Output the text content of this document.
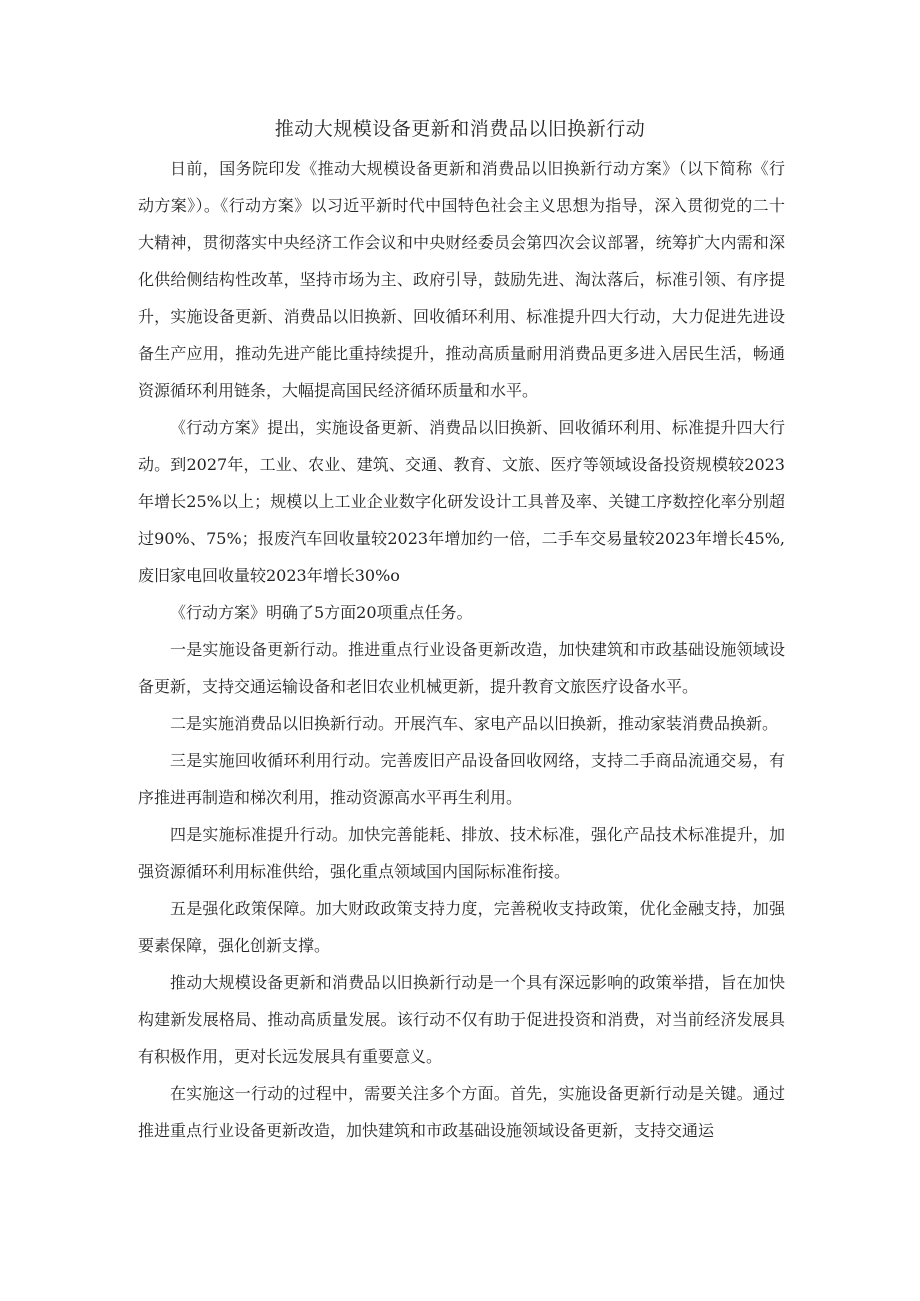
推动大规模设备更新和消费品以旧换新行动

日前，国务院印发《推动大规模设备更新和消费品以旧换新行动方案》（以下简称《行动方案》）。《行动方案》以习近平新时代中国特色社会主义思想为指导，深入贯彻党的二十大精神，贯彻落实中央经济工作会议和中央财经委员会第四次会议部署，统筹扩大内需和深化供给侧结构性改革，坚持市场为主、政府引导，鼓励先进、淘汰落后，标准引领、有序提升，实施设备更新、消费品以旧换新、回收循环利用、标准提升四大行动，大力促进先进设备生产应用，推动先进产能比重持续提升，推动高质量耐用消费品更多进入居民生活，畅通资源循环利用链条，大幅提高国民经济循环质量和水平。

《行动方案》提出，实施设备更新、消费品以旧换新、回收循环利用、标准提升四大行动。到2027年，工业、农业、建筑、交通、教育、文旅、医疗等领域设备投资规模较2023年增长25%以上；规模以上工业企业数字化研发设计工具普及率、关键工序数控化率分别超过90%、75%；报废汽车回收量较2023年增加约一倍，二手车交易量较2023年增长45%,废旧家电回收量较2023年增长30%o

《行动方案》明确了5方面20项重点任务。

一是实施设备更新行动。推进重点行业设备更新改造，加快建筑和市政基础设施领域设备更新，支持交通运输设备和老旧农业机械更新，提升教育文旅医疗设备水平。

二是实施消费品以旧换新行动。开展汽车、家电产品以旧换新，推动家装消费品换新。

三是实施回收循环利用行动。完善废旧产品设备回收网络，支持二手商品流通交易，有序推进再制造和梯次利用，推动资源高水平再生利用。

四是实施标准提升行动。加快完善能耗、排放、技术标准，强化产品技术标准提升，加强资源循环利用标准供给，强化重点领域国内国际标准衔接。

五是强化政策保障。加大财政政策支持力度，完善税收支持政策，优化金融支持，加强要素保障，强化创新支撑。

推动大规模设备更新和消费品以旧换新行动是一个具有深远影响的政策举措，旨在加快构建新发展格局、推动高质量发展。该行动不仅有助于促进投资和消费，对当前经济发展具有积极作用，更对长远发展具有重要意义。

在实施这一行动的过程中，需要关注多个方面。首先，实施设备更新行动是关键。通过推进重点行业设备更新改造，加快建筑和市政基础设施领域设备更新，支持交通运
